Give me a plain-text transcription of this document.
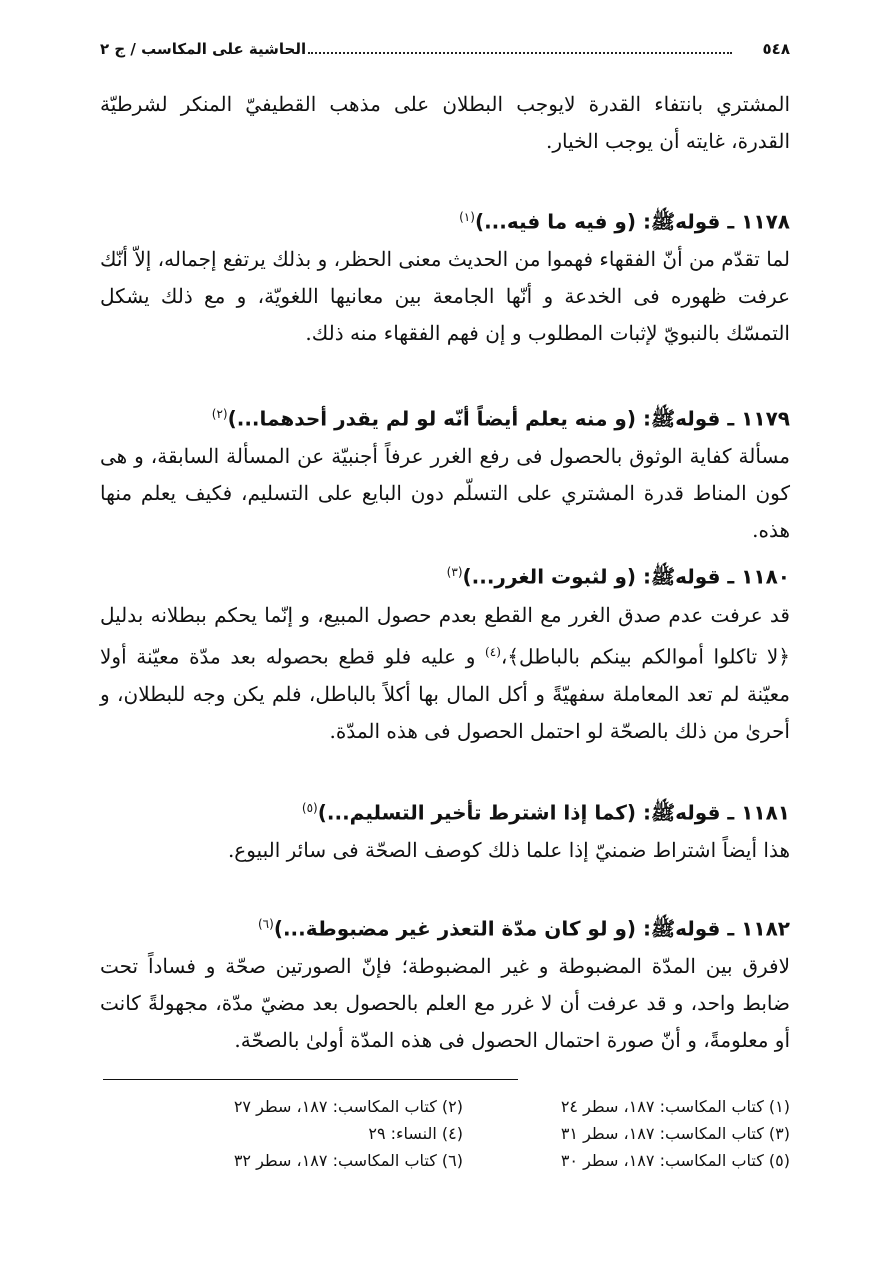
٥٤٨
الحاشية على المكاسب / ج ٢

المشتري بانتفاء القدرة لايوجب البطلان على مذهب القطيفيّ المنكر لشرطيّة القدرة، غايته أن يوجب الخيار.

١١٧٨ ـ قولهﷺ: (و فيه ما فيه...)$^{(١)}$

لما تقدّم من أنّ الفقهاء فهموا من الحديث معنى الحظر، و بذلك يرتفع إجماله، إلاّ أنّك عرفت ظهوره فى الخدعة و أنّها الجامعة بين معانيها اللغويّة، و مع ذلك يشكل التمسّك بالنبويّ لإثبات المطلوب و إن فهم الفقهاء منه ذلك.

١١٧٩ ـ قولهﷺ: (و منه يعلم أيضاً أنّه لو لم يقدر أحدهما...)$^{(٢)}$

مسألة كفاية الوثوق بالحصول فى رفع الغرر عرفاً أجنبيّة عن المسألة السابقة، و هى كون المناط قدرة المشتري على التسلّم دون البايع على التسليم، فكيف يعلم منها هذه.

١١٨٠ ـ قولهﷺ: (و لثبوت الغرر...)$^{(٣)}$

قد عرفت عدم صدق الغرر مع القطع بعدم حصول المبيع، و إنّما يحكم ببطلانه بدليل ﴿لا تاكلوا أموالكم بينكم بالباطل﴾،$^{(٤)}$ و عليه فلو قطع بحصوله بعد مدّة معيّنة أولا معيّنة لم تعد المعاملة سفهيّةً و أكل المال بها أكلاً بالباطل، فلم يكن وجه للبطلان، و أحرىٰ من ذلك بالصحّة لو احتمل الحصول فى هذه المدّة.

١١٨١ ـ قولهﷺ: (كما إذا اشترط تأخير التسليم...)$^{(٥)}$

هذا أيضاً اشتراط ضمنيّ إذا علما ذلك كوصف الصحّة فى سائر البيوع.

١١٨٢ ـ قولهﷺ: (و لو كان مدّة التعذر غير مضبوطة...)$^{(٦)}$

لافرق بين المدّة المضبوطة و غير المضبوطة؛ فإنّ الصورتين صحّة و فساداً تحت ضابط واحد، و قد عرفت أن لا غرر مع العلم بالحصول بعد مضيّ مدّة، مجهولةً كانت أو معلومةً، و أنّ صورة احتمال الحصول فى هذه المدّة أولىٰ بالصحّة.

(١) كتاب المكاسب: ١٨٧، سطر ٢٤
(٢) كتاب المكاسب: ١٨٧، سطر ٢٧
(٣) كتاب المكاسب: ١٨٧، سطر ٣١
(٤) النساء: ٢٩
(٥) كتاب المكاسب: ١٨٧، سطر ٣٠
(٦) كتاب المكاسب: ١٨٧، سطر ٣٢
